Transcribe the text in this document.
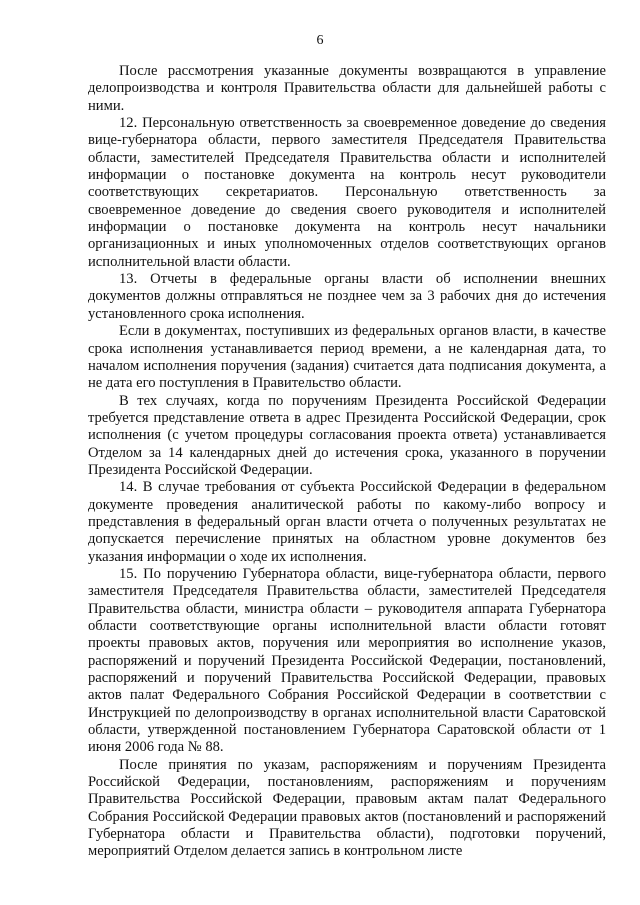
6

После рассмотрения указанные документы возвращаются в управление делопроизводства и контроля Правительства области для дальнейшей работы с ними.

12. Персональную ответственность за своевременное доведение до сведения вице-губернатора области, первого заместителя Председателя Правительства области, заместителей Председателя Правительства области и исполнителей информации о постановке документа на контроль несут руководители соответствующих секретариатов. Персональную ответственность за своевременное доведение до сведения своего руководителя и исполнителей информации о постановке документа на контроль несут начальники организационных и иных уполномоченных отделов соответствующих органов исполнительной власти области.

13. Отчеты в федеральные органы власти об исполнении внешних документов должны отправляться не позднее чем за 3 рабочих дня до истечения установленного срока исполнения.

Если в документах, поступивших из федеральных органов власти, в качестве срока исполнения устанавливается период времени, а не календарная дата, то началом исполнения поручения (задания) считается дата подписания документа, а не дата его поступления в Правительство области.

В тех случаях, когда по поручениям Президента Российской Федерации требуется представление ответа в адрес Президента Российской Федерации, срок исполнения (с учетом процедуры согласования проекта ответа) устанавливается Отделом за 14 календарных дней до истечения срока, указанного в поручении Президента Российской Федерации.

14. В случае требования от субъекта Российской Федерации в федеральном документе проведения аналитической работы по какому-либо вопросу и представления в федеральный орган власти отчета о полученных результатах не допускается перечисление принятых на областном уровне документов без указания информации о ходе их исполнения.

15. По поручению Губернатора области, вице-губернатора области, первого заместителя Председателя Правительства области, заместителей Председателя Правительства области, министра области – руководителя аппарата Губернатора области соответствующие органы исполнительной власти области готовят проекты правовых актов, поручения или мероприятия во исполнение указов, распоряжений и поручений Президента Российской Федерации, постановлений, распоряжений и поручений Правительства Российской Федерации, правовых актов палат Федерального Собрания Российской Федерации в соответствии с Инструкцией по делопроизводству в органах исполнительной власти Саратовской области, утвержденной постановлением Губернатора Саратовской области от 1 июня 2006 года № 88.

После принятия по указам, распоряжениям и поручениям Президента Российской Федерации, постановлениям, распоряжениям и поручениям Правительства Российской Федерации, правовым актам палат Федерального Собрания Российской Федерации правовых актов (постановлений и распоряжений Губернатора области и Правительства области), подготовки поручений, мероприятий Отделом делается запись в контрольном листе
